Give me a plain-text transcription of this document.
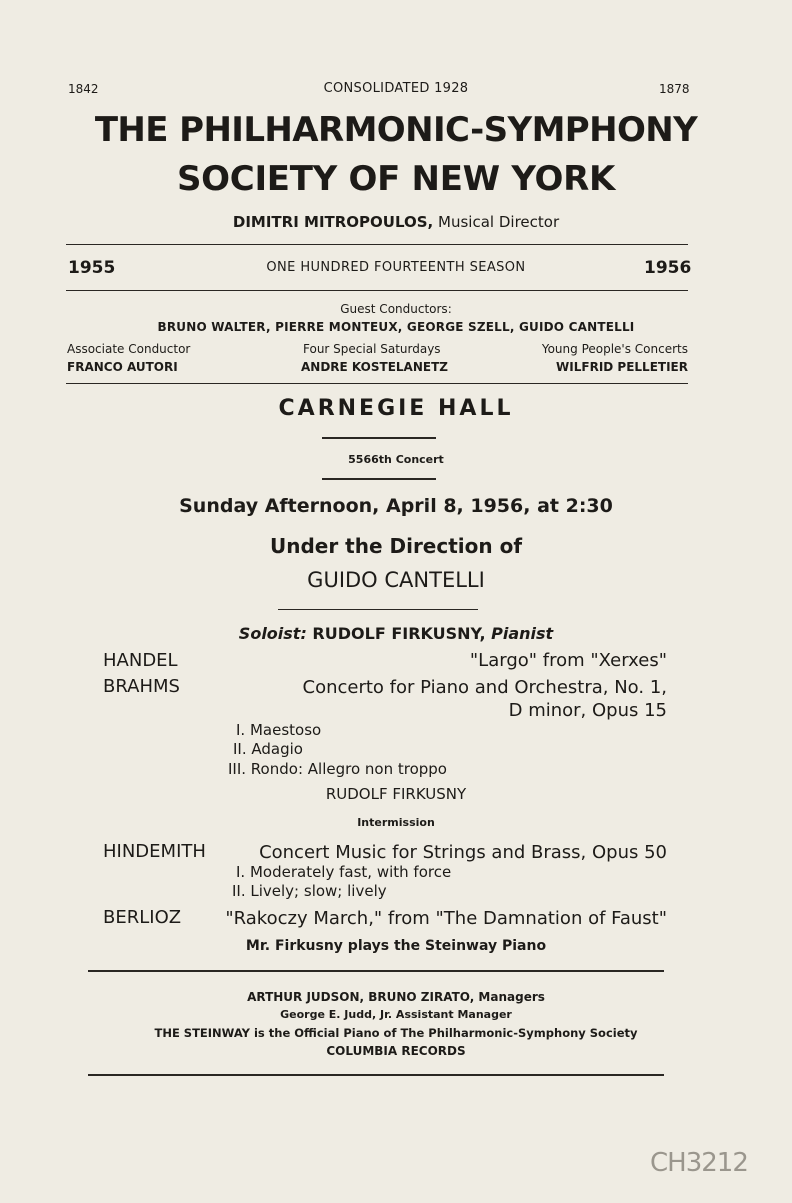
1842	CONSOLIDATED 1928	1878
THE PHILHARMONIC-SYMPHONY
SOCIETY OF NEW YORK
DIMITRI MITROPOULOS, Musical Director
1955	ONE HUNDRED FOURTEENTH SEASON	1956
Guest Conductors:
BRUNO WALTER, PIERRE MONTEUX, GEORGE SZELL, GUIDO CANTELLI
Associate Conductor
FRANCO AUTORI
Four Special Saturdays
ANDRE KOSTELANETZ
Young People's Concerts
WILFRID PELLETIER
CARNEGIE HALL
5566th Concert
Sunday Afternoon, April 8, 1956, at 2:30
Under the Direction of
GUIDO CANTELLI
Soloist: RUDOLF FIRKUSNY, Pianist
HANDEL	"Largo" from "Xerxes"
BRAHMS	Concerto for Piano and Orchestra, No. 1,
D minor, Opus 15
I. Maestoso
II. Adagio
III. Rondo: Allegro non troppo
RUDOLF FIRKUSNY
Intermission
HINDEMITH	Concert Music for Strings and Brass, Opus 50
I. Moderately fast, with force
II. Lively; slow; lively
BERLIOZ "Rakoczy March," from "The Damnation of Faust"
Mr. Firkusny plays the Steinway Piano
ARTHUR JUDSON, BRUNO ZIRATO, Managers
George E. Judd, Jr. Assistant Manager
THE STEINWAY is the Official Piano of The Philharmonic-Symphony Society
COLUMBIA RECORDS
CH3212
